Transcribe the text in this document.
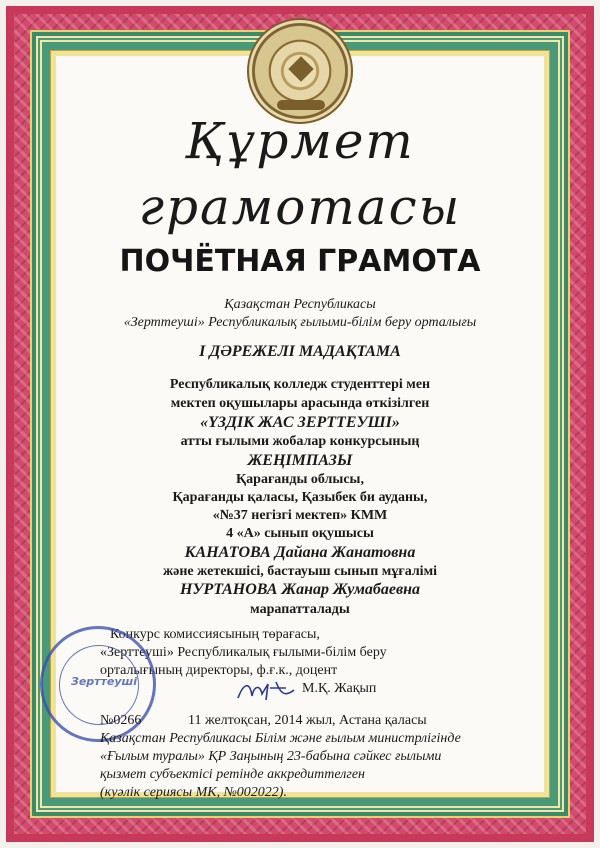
Құрмет
грамотасы
ПОЧЁТНАЯ ГРАМОТА
Қазақстан Республикасы
«Зерттеуші» Республикалық ғылыми-білім беру орталығы
I ДӘРЕЖЕЛІ МАДАҚТАМА
Республикалық колледж студенттері мен
мектеп оқушылары арасында өткізілген
«ҮЗДІК ЖАС ЗЕРТТЕУШІ»
атты ғылыми жобалар конкурсының
ЖЕҢІМПАЗЫ
Қарағанды облысы,
Қарағанды қаласы, Қазыбек би ауданы,
«№37 негізгі мектеп» КММ
4 «А» сынып оқушысы
КАНАТОВА Дайана Жанатовна
және жетекшісі, бастауыш сынып мұғалімі
НУРТАНОВА Жанар Жумабаевна
марапатталады
Конкурс комиссиясының төрағасы,
«Зерттеуші» Республикалық ғылыми-білім беру
орталығының директоры, ф.ғ.к., доцент
М.Қ. Жақып
Зерттеуші
№0266	11 желтоқсан, 2014 жыл, Астана қаласы
Қазақстан Республикасы Білім және ғылым министрлігінде
«Ғылым туралы» ҚР Заңының 23-бабына сәйкес ғылыми
қызмет субъектісі ретінде аккредиттелген
(куәлік сериясы МК, №002022).
